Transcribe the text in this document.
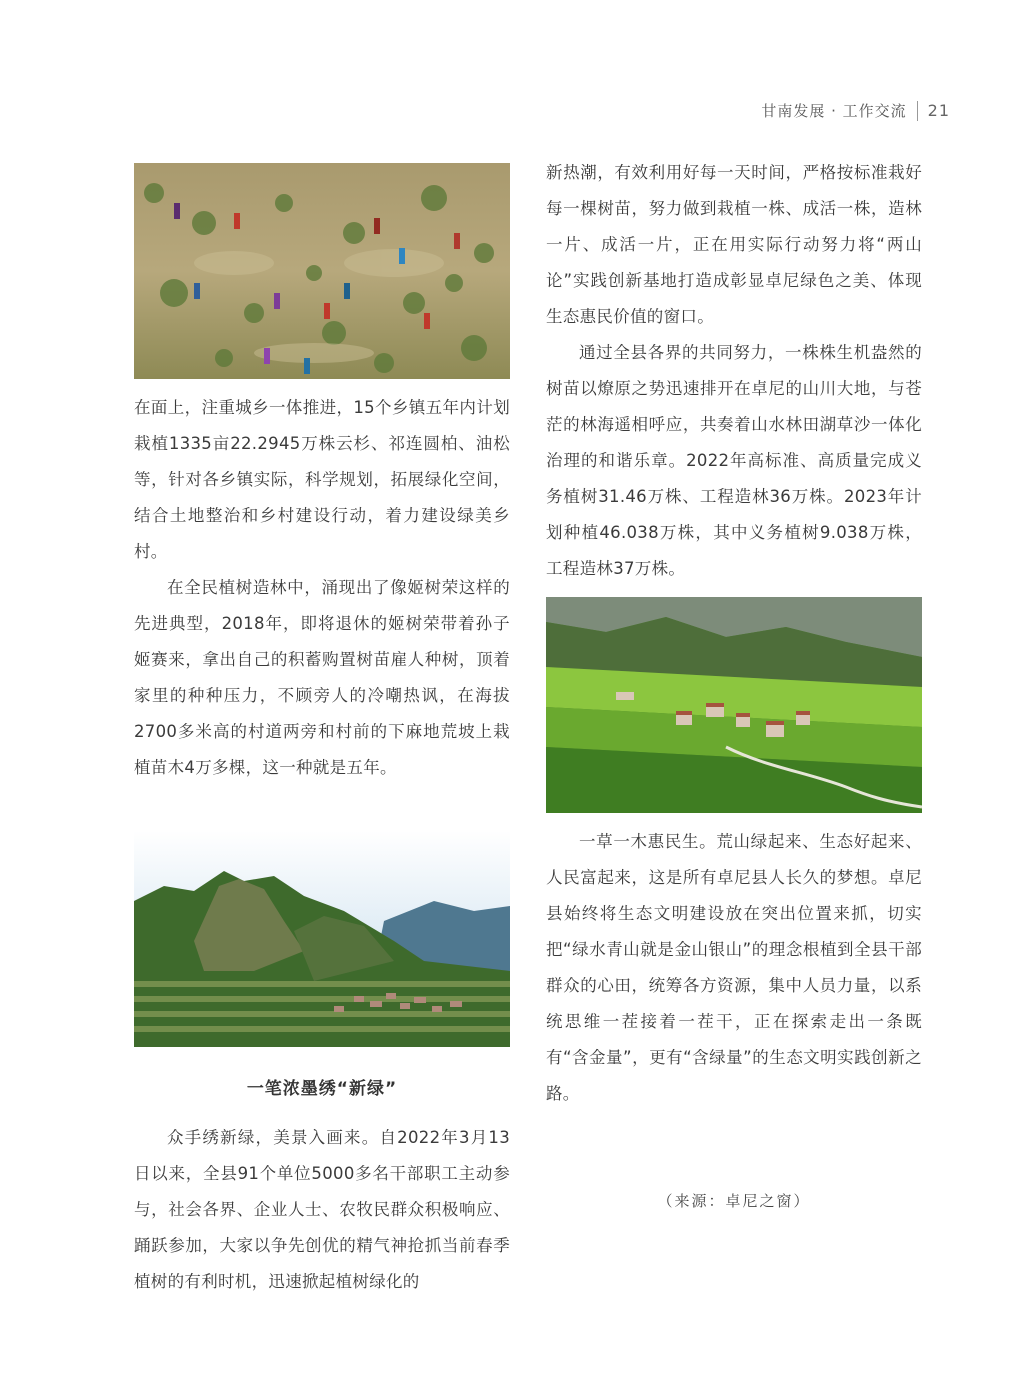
甘南发展 · 工作交流 21

在面上，注重城乡一体推进，15个乡镇五年内计划栽植1335亩22.2945万株云杉、祁连圆柏、油松等，针对各乡镇实际，科学规划，拓展绿化空间，结合土地整治和乡村建设行动，着力建设绿美乡村。

在全民植树造林中，涌现出了像姬树荣这样的先进典型，2018年，即将退休的姬树荣带着孙子姬赛来，拿出自己的积蓄购置树苗雇人种树，顶着家里的种种压力，不顾旁人的冷嘲热讽，在海拔2700多米高的村道两旁和村前的下麻地荒坡上栽植苗木4万多棵，这一种就是五年。

一笔浓墨绣“新绿”

众手绣新绿，美景入画来。自2022年3月13日以来，全县91个单位5000多名干部职工主动参与，社会各界、企业人士、农牧民群众积极响应、踊跃参加，大家以争先创优的精气神抢抓当前春季植树的有利时机，迅速掀起植树绿化的

新热潮，有效利用好每一天时间，严格按标准栽好每一棵树苗，努力做到栽植一株、成活一株，造林一片、成活一片，正在用实际行动努力将“两山论”实践创新基地打造成彰显卓尼绿色之美、体现生态惠民价值的窗口。

通过全县各界的共同努力，一株株生机盎然的树苗以燎原之势迅速排开在卓尼的山川大地，与苍茫的林海遥相呼应，共奏着山水林田湖草沙一体化治理的和谐乐章。2022年高标准、高质量完成义务植树31.46万株、工程造林36万株。2023年计划种植46.038万株，其中义务植树9.038万株，工程造林37万株。

一草一木惠民生。荒山绿起来、生态好起来、人民富起来，这是所有卓尼县人长久的梦想。卓尼县始终将生态文明建设放在突出位置来抓，切实把“绿水青山就是金山银山”的理念根植到全县干部群众的心田，统筹各方资源，集中人员力量，以系统思维一茬接着一茬干，正在探索走出一条既有“含金量”，更有“含绿量”的生态文明实践创新之路。

（来源：卓尼之窗）
